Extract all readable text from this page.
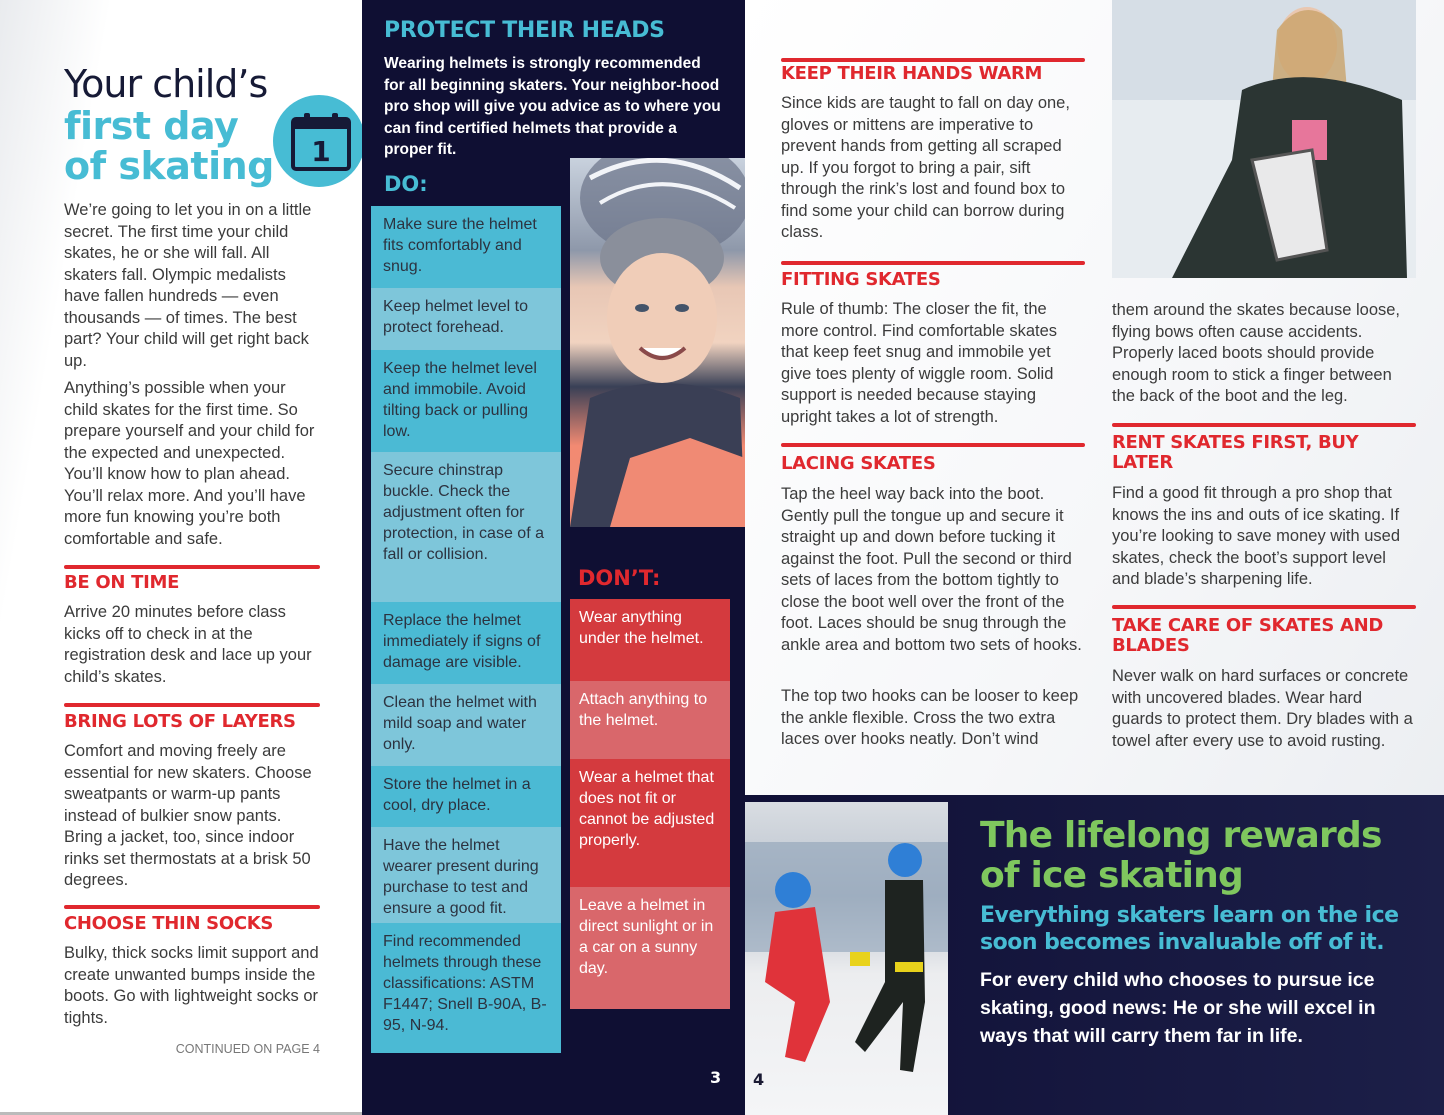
Your child’s
first day
of skating 1
We’re going to let you in on a little secret. The first time your child skates, he or she will fall. All skaters fall. Olympic medalists have fallen hundreds — even thousands — of times. The best part? Your child will get right back up.
Anything’s possible when your child skates for the first time. So prepare yourself and your child for the expected and unexpected. You’ll know how to plan ahead. You’ll relax more. And you’ll have more fun knowing you’re both comfortable and safe.
BE ON TIME
Arrive 20 minutes before class kicks off to check in at the registration desk and lace up your child’s skates.
BRING LOTS OF LAYERS
Comfort and moving freely are essential for new skaters. Choose sweatpants or warm-up pants instead of bulkier snow pants. Bring a jacket, too, since indoor rinks set thermostats at a brisk 50 degrees.
CHOOSE THIN SOCKS
Bulky, thick socks limit support and create unwanted bumps inside the boots. Go with lightweight socks or tights.
CONTINUED ON PAGE 4
PROTECT THEIR HEADS
Wearing helmets is strongly recommended for all beginning skaters. Your neighbor-hood pro shop will give you advice as to where you can find certified helmets that provide a proper fit.
DO:
Make sure the helmet fits comfortably and snug.
Keep helmet level to protect forehead.
Keep the helmet level and immobile. Avoid tilting back or pulling low.
Secure chinstrap buckle. Check the adjustment often for protection, in case of a fall or collision.
Replace the helmet immediately if signs of damage are visible.
Clean the helmet with mild soap and water only.
Store the helmet in a cool, dry place.
Have the helmet wearer present during purchase to test and ensure a good fit.
Find recommended helmets through these classifications: ASTM F1447; Snell B-90A, B-95, N-94.
DON’T:
Wear anything under the helmet.
Attach anything to the helmet.
Wear a helmet that does not fit or cannot be adjusted properly.
Leave a helmet in direct sunlight or in a car on a sunny day.
3
KEEP THEIR HANDS WARM
Since kids are taught to fall on day one, gloves or mittens are imperative to prevent hands from getting all scraped up. If you forgot to bring a pair, sift through the rink’s lost and found box to find some your child can borrow during class.
FITTING SKATES
Rule of thumb: The closer the fit, the more control. Find comfortable skates that keep feet snug and immobile yet give toes plenty of wiggle room. Solid support is needed because staying upright takes a lot of strength.
LACING SKATES
Tap the heel way back into the boot. Gently pull the tongue up and secure it straight up and down before tucking it against the foot. Pull the second or third sets of laces from the bottom tightly to close the boot well over the front of the foot. Laces should be snug through the ankle area and bottom two sets of hooks.
The top two hooks can be looser to keep the ankle flexible. Cross the two extra laces over hooks neatly. Don’t wind
them around the skates because loose, flying bows often cause accidents. Properly laced boots should provide enough room to stick a finger between the back of the boot and the leg.
RENT SKATES FIRST, BUY LATER
Find a good fit through a pro shop that knows the ins and outs of ice skating. If you’re looking to save money with used skates, check the boot’s support level and blade’s sharpening life.
TAKE CARE OF SKATES AND BLADES
Never walk on hard surfaces or concrete with uncovered blades. Wear hard guards to protect them. Dry blades with a towel after every use to avoid rusting.
4
The lifelong rewards of ice skating
Everything skaters learn on the ice soon becomes invaluable off of it.
For every child who chooses to pursue ice skating, good news: He or she will excel in ways that will carry them far in life.
